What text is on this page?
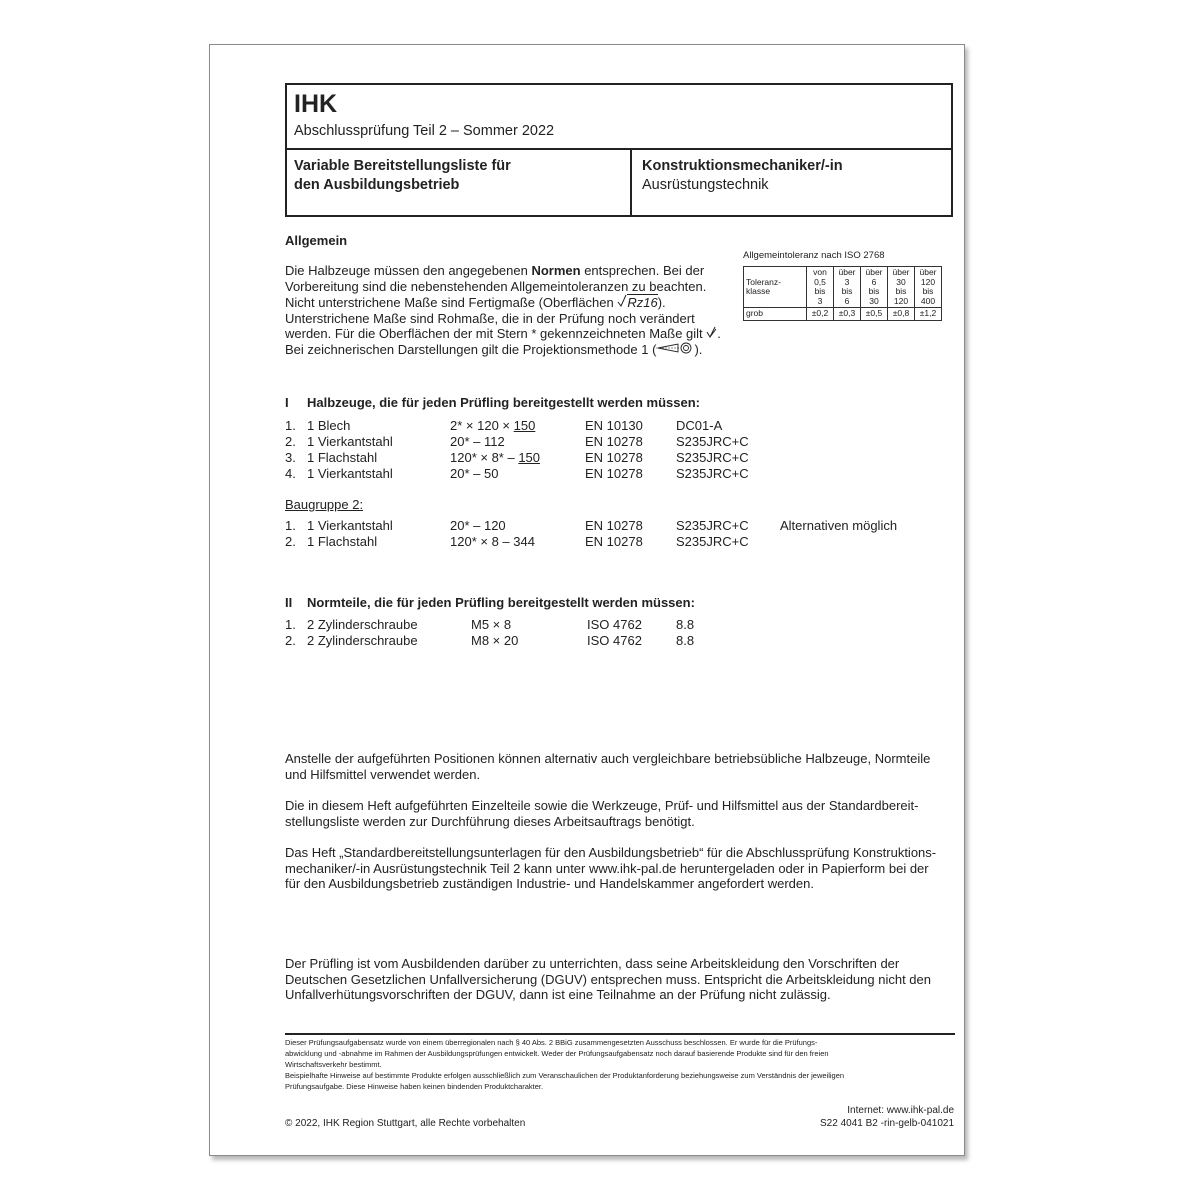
IHK
Abschlussprüfung Teil 2 – Sommer 2022
Variable Bereitstellungsliste für
den Ausbildungsbetrieb
Konstruktionsmechaniker/-in
Ausrüstungstechnik
Allgemein
Die Halbzeuge müssen den angegebenen Normen entsprechen. Bei der
Vorbereitung sind die nebenstehenden Allgemeintoleranzen zu beachten.
Nicht unterstrichene Maße sind Fertigmaße (Oberflächen Rz16).
Unterstrichene Maße sind Rohmaße, die in der Prüfung noch verändert
werden. Für die Oberflächen der mit Stern * gekennzeichneten Maße gilt .
Bei zeichnerischen Darstellungen gilt die Projektionsmethode 1 (	).
Allgemeintoleranz nach ISO 2768
Toleranz-
klasse	von
0,5
bis
3	über
3
bis
6	über
6
bis
30	über
30
bis
120	über
120
bis
400
grob	±0,2	±0,3	±0,5	±0,8	±1,2
I Halbzeuge, die für jeden Prüfling bereitgestellt werden müssen:
1. 1 Blech	2* × 120 × 150	EN 10130	DC01-A
2. 1 Vierkantstahl	20* – 112	EN 10278	S235JRC+C
3. 1 Flachstahl	120* × 8* – 150	EN 10278	S235JRC+C
4. 1 Vierkantstahl	20* – 50	EN 10278	S235JRC+C
Baugruppe 2:
1. 1 Vierkantstahl	20* – 120	EN 10278	S235JRC+C Alternativen möglich
2. 1 Flachstahl	120* × 8 – 344	EN 10278	S235JRC+C
II Normteile, die für jeden Prüfling bereitgestellt werden müssen:
1. 2 Zylinderschraube	M5 × 8	ISO 4762	8.8
2. 2 Zylinderschraube	M8 × 20	ISO 4762	8.8
Anstelle der aufgeführten Positionen können alternativ auch vergleichbare betriebsübliche Halbzeuge, Normteile
und Hilfsmittel verwendet werden.
Die in diesem Heft aufgeführten Einzelteile sowie die Werkzeuge, Prüf- und Hilfsmittel aus der Standardbereit-
stellungsliste werden zur Durchführung dieses Arbeitsauftrags benötigt.
Das Heft „Standardbereitstellungsunterlagen für den Ausbildungsbetrieb“ für die Abschlussprüfung Konstruktions-
mechaniker/-in Ausrüstungstechnik Teil 2 kann unter www.ihk-pal.de heruntergeladen oder in Papierform bei der
für den Ausbildungsbetrieb zuständigen Industrie- und Handelskammer angefordert werden.
Der Prüfling ist vom Ausbildenden darüber zu unterrichten, dass seine Arbeitskleidung den Vorschriften der
Deutschen Gesetzlichen Unfallversicherung (DGUV) entsprechen muss. Entspricht die Arbeitskleidung nicht den
Unfallverhütungsvorschriften der DGUV, dann ist eine Teilnahme an der Prüfung nicht zulässig.
Dieser Prüfungsaufgabensatz wurde von einem überregionalen nach § 40 Abs. 2 BBiG zusammengesetzten Ausschuss beschlossen. Er wurde für die Prüfungs-
abwicklung und -abnahme im Rahmen der Ausbildungsprüfungen entwickelt. Weder der Prüfungsaufgabensatz noch darauf basierende Produkte sind für den freien
Wirtschaftsverkehr bestimmt.
Beispielhafte Hinweise auf bestimmte Produkte erfolgen ausschließlich zum Veranschaulichen der Produktanforderung beziehungsweise zum Verständnis der jeweiligen
Prüfungsaufgabe. Diese Hinweise haben keinen bindenden Produktcharakter.
Internet: www.ihk-pal.de
© 2022, IHK Region Stuttgart, alle Rechte vorbehalten	S22 4041 B2 -rin-gelb-041021
